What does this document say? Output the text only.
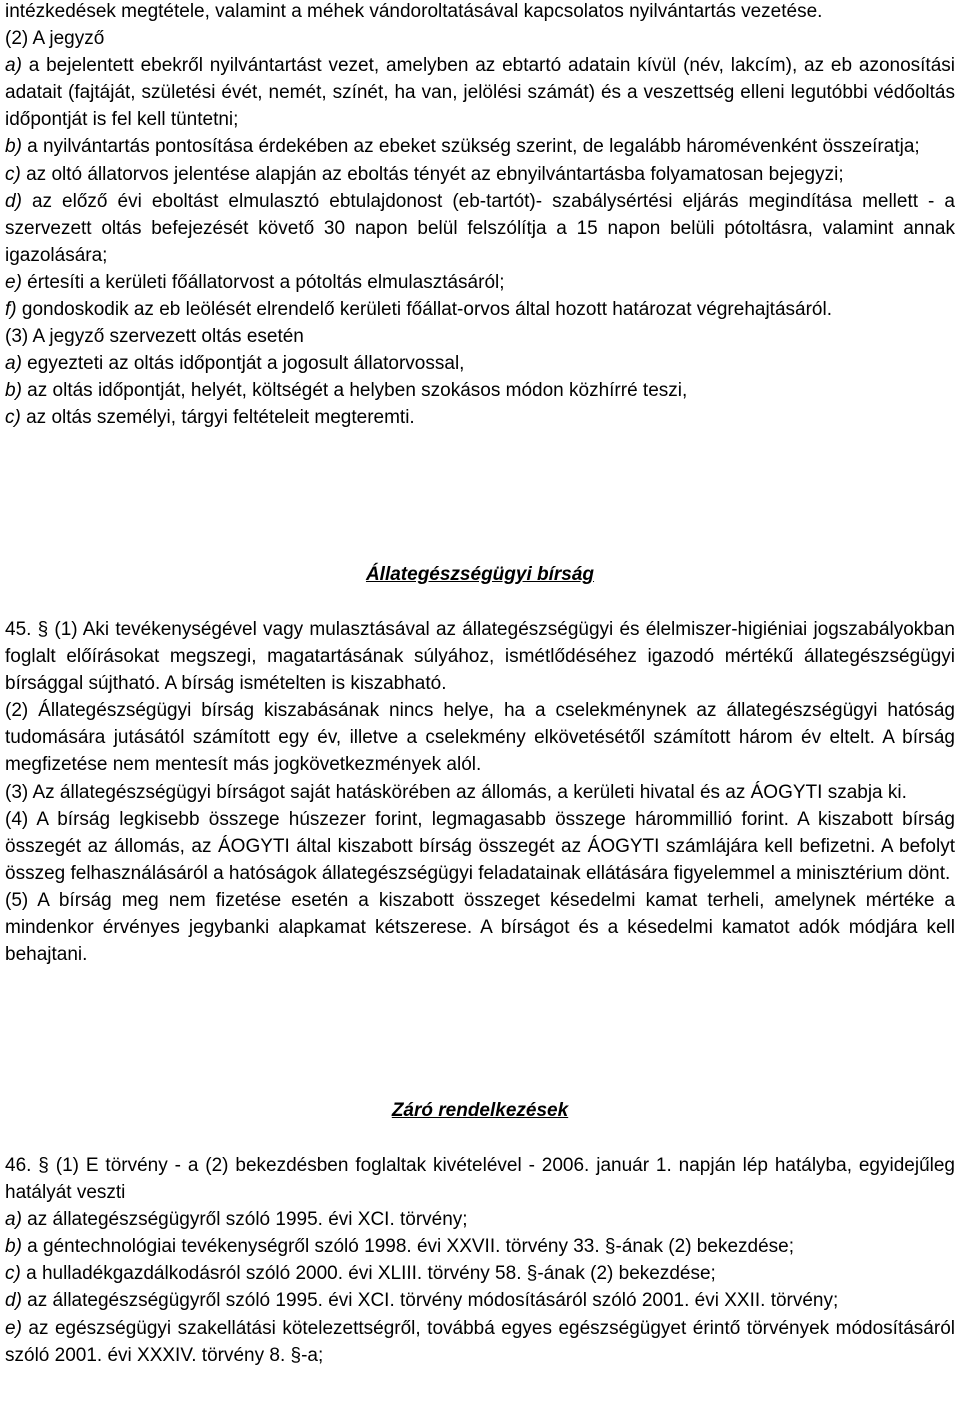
intézkedések megtétele, valamint a méhek vándoroltatásával kapcsolatos nyilvántartás vezetése.

(2) A jegyző

a) a bejelentett ebekről nyilvántartást vezet, amelyben az ebtartó adatain kívül (név, lakcím), az eb azonosítási adatait (fajtáját, születési évét, nemét, színét, ha van, jelölési számát) és a veszettség elleni legutóbbi védőoltás időpontját is fel kell tüntetni;

b) a nyilvántartás pontosítása érdekében az ebeket szükség szerint, de legalább háromévenként összeíratja;

c) az oltó állatorvos jelentése alapján az eboltás tényét az ebnyilvántartásba folyamatosan bejegyzi;

d) az előző évi eboltást elmulasztó ebtulajdonost (eb-tartót)- szabálysértési eljárás megindítása mellett - a szervezett oltás befejezését követő 30 napon belül felszólítja a 15 napon belüli pótoltásra, valamint annak igazolására;

e) értesíti a kerületi főállatorvost a pótoltás elmulasztásáról;

f) gondoskodik az eb leölését elrendelő kerületi főállat-orvos által hozott határozat végrehajtásáról.

(3) A jegyző szervezett oltás esetén

a) egyezteti az oltás időpontját a jogosult állatorvossal,

b) az oltás időpontját, helyét, költségét a helyben szokásos módon közhírré teszi,

c) az oltás személyi, tárgyi feltételeit megteremti.

Állategészségügyi bírság

45. § (1) Aki tevékenységével vagy mulasztásával az állategészségügyi és élelmiszer-higiéniai jogszabályokban foglalt előírásokat megszegi, magatartásának súlyához, ismétlődéséhez igazodó mértékű állategészségügyi bírsággal sújtható. A bírság ismételten is kiszabható.

(2) Állategészségügyi bírság kiszabásának nincs helye, ha a cselekménynek az állategészségügyi hatóság tudomására jutásától számított egy év, illetve a cselekmény elkövetésétől számított három év eltelt. A bírság megfizetése nem mentesít más jogkövetkezmények alól.

(3) Az állategészségügyi bírságot saját hatáskörében az állomás, a kerületi hivatal és az ÁOGYTI szabja ki.

(4) A bírság legkisebb összege húszezer forint, legmagasabb összege hárommillió forint. A kiszabott bírság összegét az állomás, az ÁOGYTI által kiszabott bírság összegét az ÁOGYTI számlájára kell befizetni. A befolyt összeg felhasználásáról a hatóságok állategészségügyi feladatainak ellátására figyelemmel a minisztérium dönt.

(5) A bírság meg nem fizetése esetén a kiszabott összeget késedelmi kamat terheli, amelynek mértéke a mindenkor érvényes jegybanki alapkamat kétszerese. A bírságot és a késedelmi kamatot adók módjára kell behajtani.

Záró rendelkezések

46. § (1) E törvény - a (2) bekezdésben foglaltak kivételével - 2006. január 1. napján lép hatályba, egyidejűleg hatályát veszti

a) az állategészségügyről szóló 1995. évi XCI. törvény;

b) a géntechnológiai tevékenységről szóló 1998. évi XXVII. törvény 33. §-ának (2) bekezdése;

c) a hulladékgazdálkodásról szóló 2000. évi XLIII. törvény 58. §-ának (2) bekezdése;

d) az állategészségügyről szóló 1995. évi XCI. törvény módosításáról szóló 2001. évi XXII. törvény;

e) az egészségügyi szakellátási kötelezettségről, továbbá egyes egészségügyet érintő törvények módosításáról szóló 2001. évi XXXIV. törvény 8. §-a;
